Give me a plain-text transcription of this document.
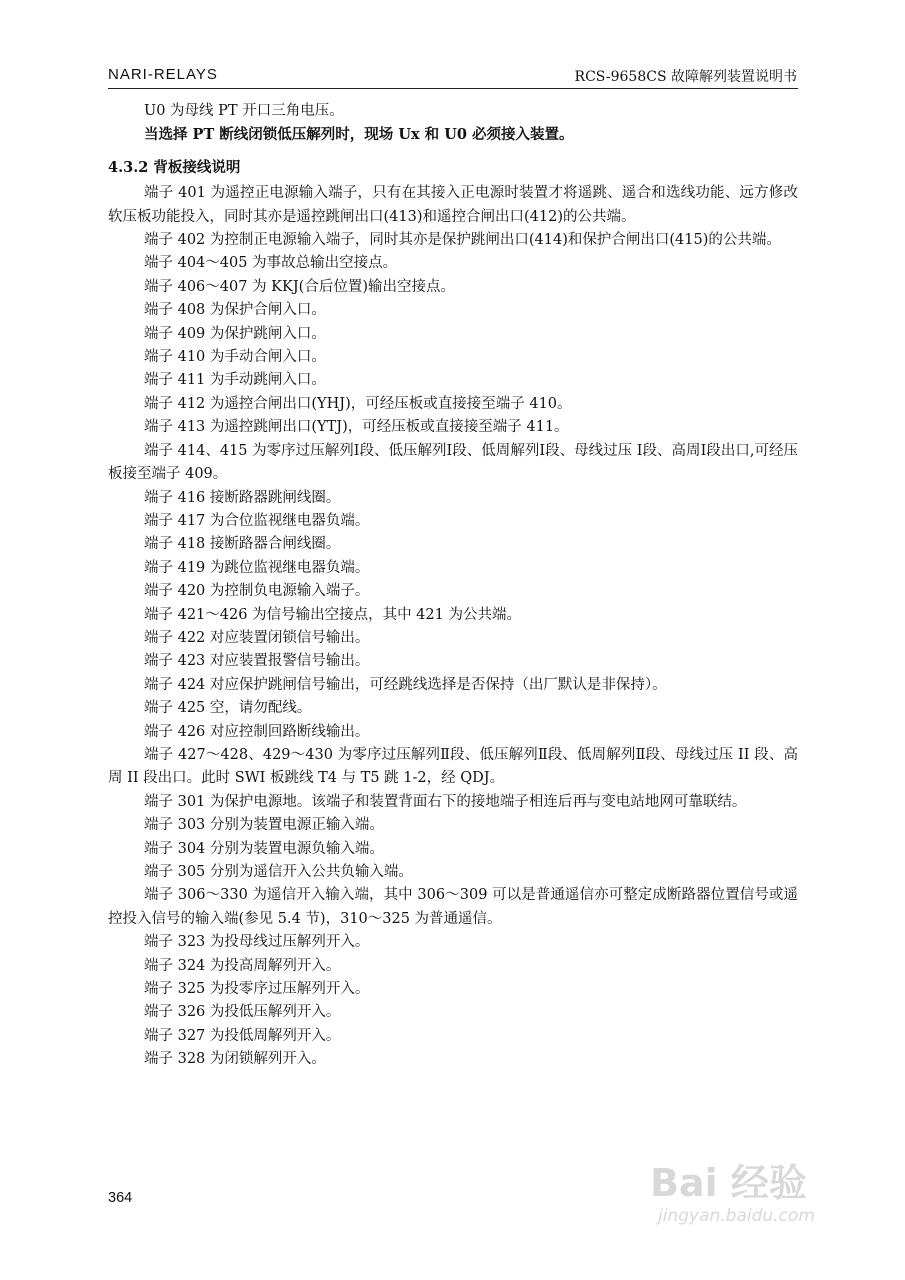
NARI-RELAYS	RCS-9658CS 故障解列装置说明书

U0 为母线 PT 开口三角电压。

当选择 PT 断线闭锁低压解列时，现场 Ux 和 U0 必须接入装置。

4.3.2 背板接线说明

端子 401 为遥控正电源输入端子，只有在其接入正电源时装置才将遥跳、遥合和选线功能、远方修改软压板功能投入，同时其亦是遥控跳闸出口(413)和遥控合闸出口(412)的公共端。

端子 402 为控制正电源输入端子，同时其亦是保护跳闸出口(414)和保护合闸出口(415)的公共端。

端子 404～405 为事故总输出空接点。

端子 406～407 为 KKJ(合后位置)输出空接点。

端子 408 为保护合闸入口。

端子 409 为保护跳闸入口。

端子 410 为手动合闸入口。

端子 411 为手动跳闸入口。

端子 412 为遥控合闸出口(YHJ)，可经压板或直接接至端子 410。

端子 413 为遥控跳闸出口(YTJ)，可经压板或直接接至端子 411。

端子 414、415 为零序过压解列Ⅰ段、低压解列Ⅰ段、低周解列Ⅰ段、母线过压 Ⅰ段、高周Ⅰ段出口,可经压板接至端子 409。

端子 416 接断路器跳闸线圈。

端子 417 为合位监视继电器负端。

端子 418 接断路器合闸线圈。

端子 419 为跳位监视继电器负端。

端子 420 为控制负电源输入端子。

端子 421～426 为信号输出空接点，其中 421 为公共端。

端子 422 对应装置闭锁信号输出。

端子 423 对应装置报警信号输出。

端子 424 对应保护跳闸信号输出，可经跳线选择是否保持（出厂默认是非保持）。

端子 425 空，请勿配线。

端子 426 对应控制回路断线输出。

端子 427～428、429～430 为零序过压解列Ⅱ段、低压解列Ⅱ段、低周解列Ⅱ段、母线过压 II 段、高周 II 段出口。此时 SWI 板跳线 T4 与 T5 跳 1-2，经 QDJ。

端子 301 为保护电源地。该端子和装置背面右下的接地端子相连后再与变电站地网可靠联结。

端子 303 分别为装置电源正输入端。

端子 304 分别为装置电源负输入端。

端子 305 分别为遥信开入公共负输入端。

端子 306～330 为遥信开入输入端，其中 306～309 可以是普通遥信亦可整定成断路器位置信号或遥控投入信号的输入端(参见 5.4 节)，310～325 为普通遥信。

端子 323 为投母线过压解列开入。

端子 324 为投高周解列开入。

端子 325 为投零序过压解列开入。

端子 326 为投低压解列开入。

端子 327 为投低周解列开入。

端子 328 为闭锁解列开入。

364	Bai 经验
jingyan.baidu.com
